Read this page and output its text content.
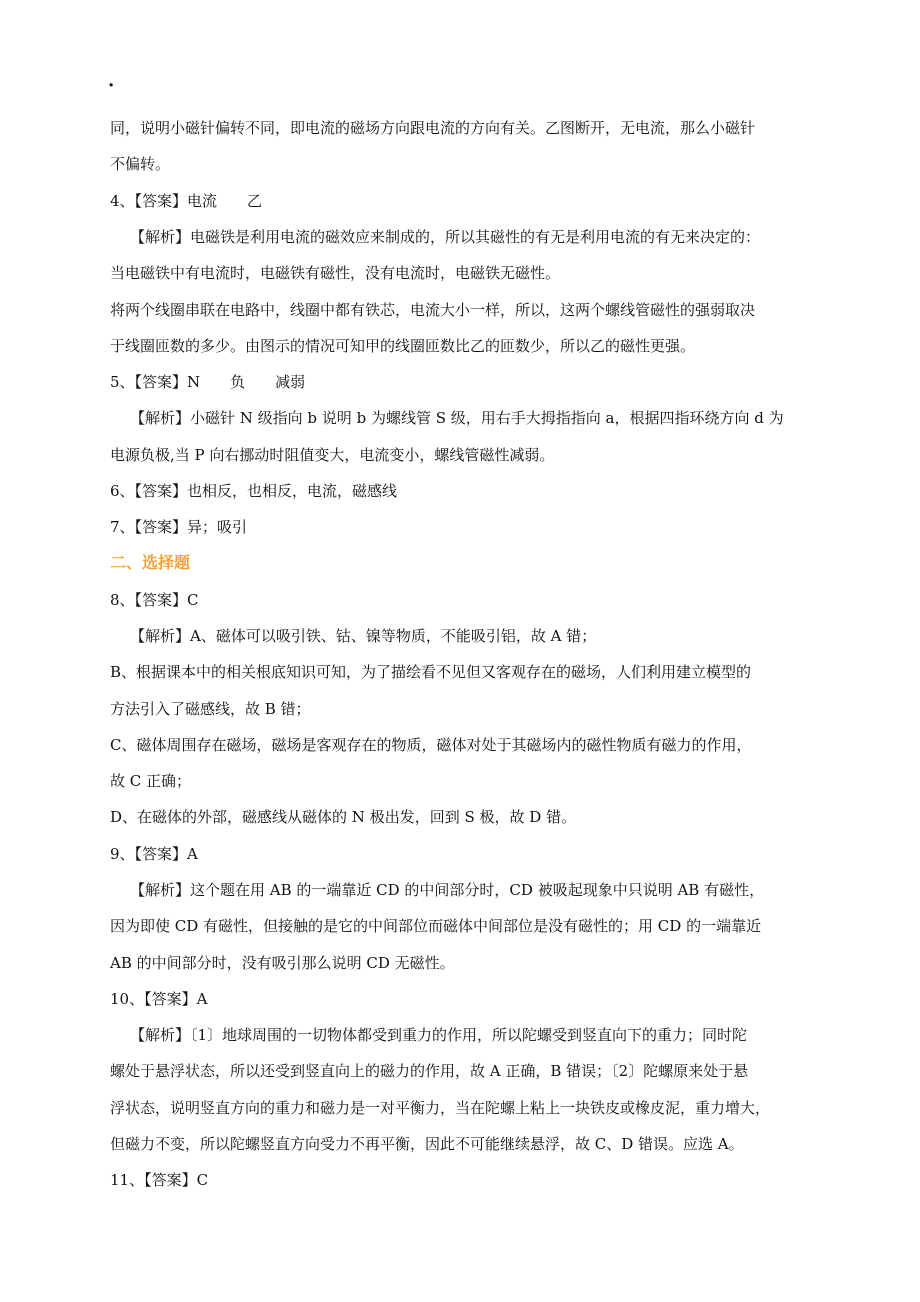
·
同，说明小磁针偏转不同，即电流的磁场方向跟电流的方向有关。乙图断开，无电流，那么小磁针
不偏转。
4、【答案】电流　　乙
【解析】电磁铁是利用电流的磁效应来制成的，所以其磁性的有无是利用电流的有无来决定的：
当电磁铁中有电流时，电磁铁有磁性，没有电流时，电磁铁无磁性。
将两个线圈串联在电路中，线圈中都有铁芯，电流大小一样，所以，这两个螺线管磁性的强弱取决
于线圈匝数的多少。由图示的情况可知甲的线圈匝数比乙的匝数少，所以乙的磁性更强。
5、【答案】N　　负　　减弱
【解析】小磁针 N 级指向 b 说明 b 为螺线管 S 级，用右手大拇指指向 a，根据四指环绕方向 d 为
电源负极,当 P 向右挪动时阻值变大，电流变小，螺线管磁性减弱。
6、【答案】也相反，也相反，电流，磁感线
7、【答案】异；吸引
二、选择题
8、【答案】C
【解析】A、磁体可以吸引铁、钴、镍等物质，不能吸引铝，故 A 错；
B、根据课本中的相关根底知识可知，为了描绘看不见但又客观存在的磁场，人们利用建立模型的
方法引入了磁感线，故 B 错；
C、磁体周围存在磁场，磁场是客观存在的物质，磁体对处于其磁场内的磁性物质有磁力的作用，
故 C 正确；
D、在磁体的外部，磁感线从磁体的 N 极出发，回到 S 极，故 D 错。
9、【答案】A
【解析】这个题在用 AB 的一端靠近 CD 的中间部分时，CD 被吸起现象中只说明 AB 有磁性，
因为即使 CD 有磁性，但接触的是它的中间部位而磁体中间部位是没有磁性的；用 CD 的一端靠近
AB 的中间部分时，没有吸引那么说明 CD 无磁性。
10、【答案】A
【解析】〔1〕地球周围的一切物体都受到重力的作用，所以陀螺受到竖直向下的重力；同时陀
螺处于悬浮状态，所以还受到竖直向上的磁力的作用，故 A 正确，B 错误；〔2〕陀螺原来处于悬
浮状态，说明竖直方向的重力和磁力是一对平衡力，当在陀螺上粘上一块铁皮或橡皮泥，重力增大，
但磁力不变，所以陀螺竖直方向受力不再平衡，因此不可能继续悬浮，故 C、D 错误。应选 A。
11、【答案】C
